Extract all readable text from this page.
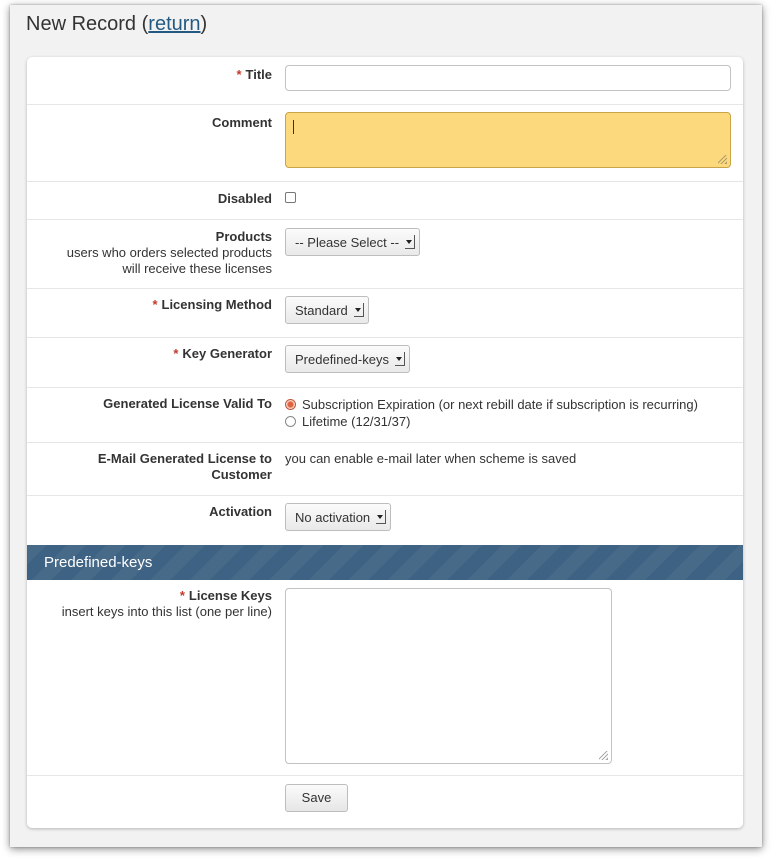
New Record (return)
* Title
Comment
Disabled
Products
users who orders selected products
will receive these licenses
-- Please Select --
* Licensing Method Standard
* Key Generator Predefined-keys
Generated License Valid To Subscription Expiration (or next rebill date if subscription is recurring)
Lifetime (12/31/37)
E-Mail Generated License to
Customer
you can enable e-mail later when scheme is saved
Activation No activation
Predefined-keys
* License Keys
insert keys into this list (one per line)
Save
